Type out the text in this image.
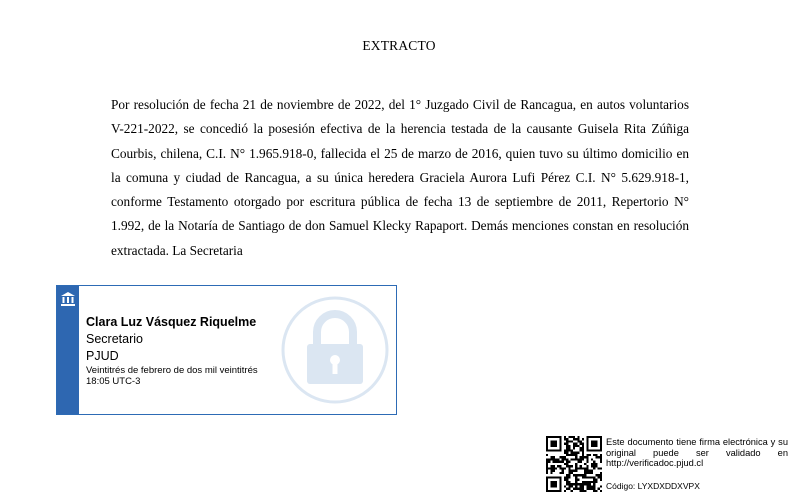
EXTRACTO

Por resolución de fecha 21 de noviembre de 2022, del 1° Juzgado Civil de Rancagua, en autos voluntarios V-221-2022, se concedió la posesión efectiva de la herencia testada de la causante Guisela Rita Zúñiga Courbis, chilena, C.I. N° 1.965.918-0, fallecida el 25 de marzo de 2016, quien tuvo su último domicilio en la comuna y ciudad de Rancagua, a su única heredera Graciela Aurora Lufi Pérez C.I. N° 5.629.918-1, conforme Testamento otorgado por escritura pública de fecha 13 de septiembre de 2011, Repertorio N° 1.992, de la Notaría de Santiago de don Samuel Klecky Rapaport. Demás menciones constan en resolución extractada. La Secretaria

Clara Luz Vásquez Riquelme
Secretario
PJUD
Veintitrés de febrero de dos mil veintitrés
18:05 UTC-3
Este documento tiene firma electrónica y su original puede ser validado en http://verificadoc.pjud.cl
Código: LYXDXDDXVPX
